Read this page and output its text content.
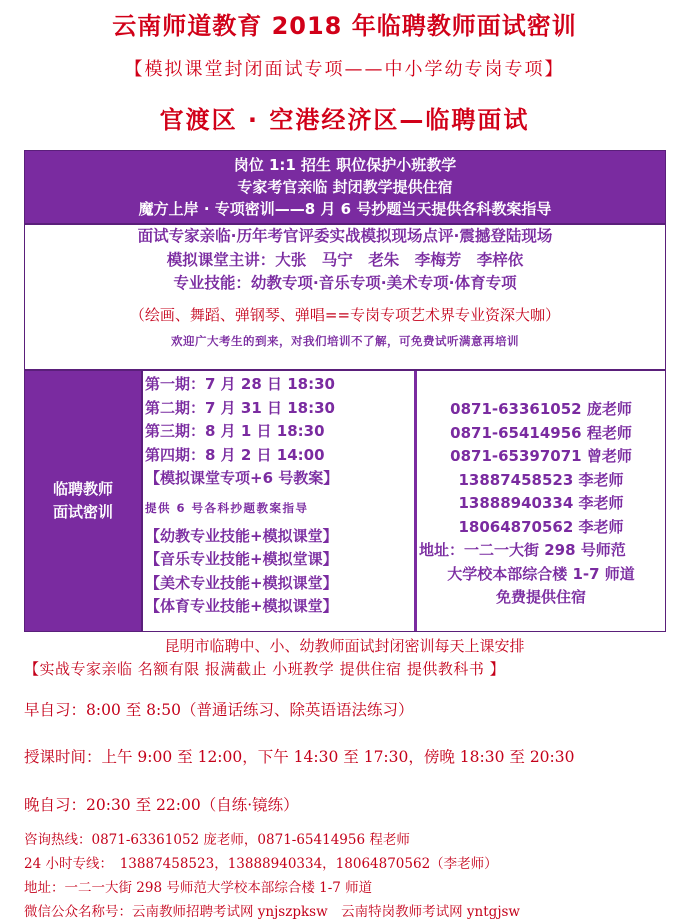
云南师道教育 2018 年临聘教师面试密训
【模拟课堂封闭面试专项——中小学幼专岗专项】
官渡区 · 空港经济区—临聘面试
岗位 1:1 招生 职位保护小班教学
专家考官亲临 封闭教学提供住宿
魔方上岸 · 专项密训——8 月 6 号抄题当天提供各科教案指导
面试专家亲临·历年考官评委实战模拟现场点评·震撼登陆现场
模拟课堂主讲：大张　马宁　老朱　李梅芳　李梓依
专业技能：幼教专项·音乐专项·美术专项·体育专项
（绘画、舞蹈、弹钢琴、弹唱==专岗专项艺术界专业资深大咖）
欢迎广大考生的到来，对我们培训不了解，可免费试听满意再培训
临聘教师
面试密训
第一期：7 月 28 日 18:30
第二期：7 月 31 日 18:30
第三期：8 月 1 日 18:30
第四期：8 月 2 日 14:00
【模拟课堂专项+6 号教案】
提供 6 号各科抄题教案指导
【幼教专业技能+模拟课堂】
【音乐专业技能+模拟堂课】
【美术专业技能+模拟课堂】
【体育专业技能+模拟课堂】
0871-63361052 庞老师
0871-65414956 程老师
0871-65397071 曾老师
13887458523 李老师
13888940334 李老师
18064870562 李老师
地址：一二一大街 298 号师范
大学校本部综合楼 1-7 师道
免费提供住宿
昆明市临聘中、小、幼教师面试封闭密训每天上课安排
【实战专家亲临 名额有限 报满截止 小班教学 提供住宿 提供教科书 】
早自习：8:00 至 8:50（普通话练习、除英语语法练习）
授课时间：上午 9:00 至 12:00，下午 14:30 至 17:30，傍晚 18:30 至 20:30
晚自习：20:30 至 22:00（自练·镜练）
咨询热线：0871-63361052 庞老师，0871-65414956 程老师
24 小时专线：　13887458523，13888940334，18064870562（李老师）
地址：一二一大街 298 号师范大学校本部综合楼 1-7 师道
微信公众名称号：云南教师招聘考试网 ynjszpksw　云南特岗教师考试网 yntgjsw
